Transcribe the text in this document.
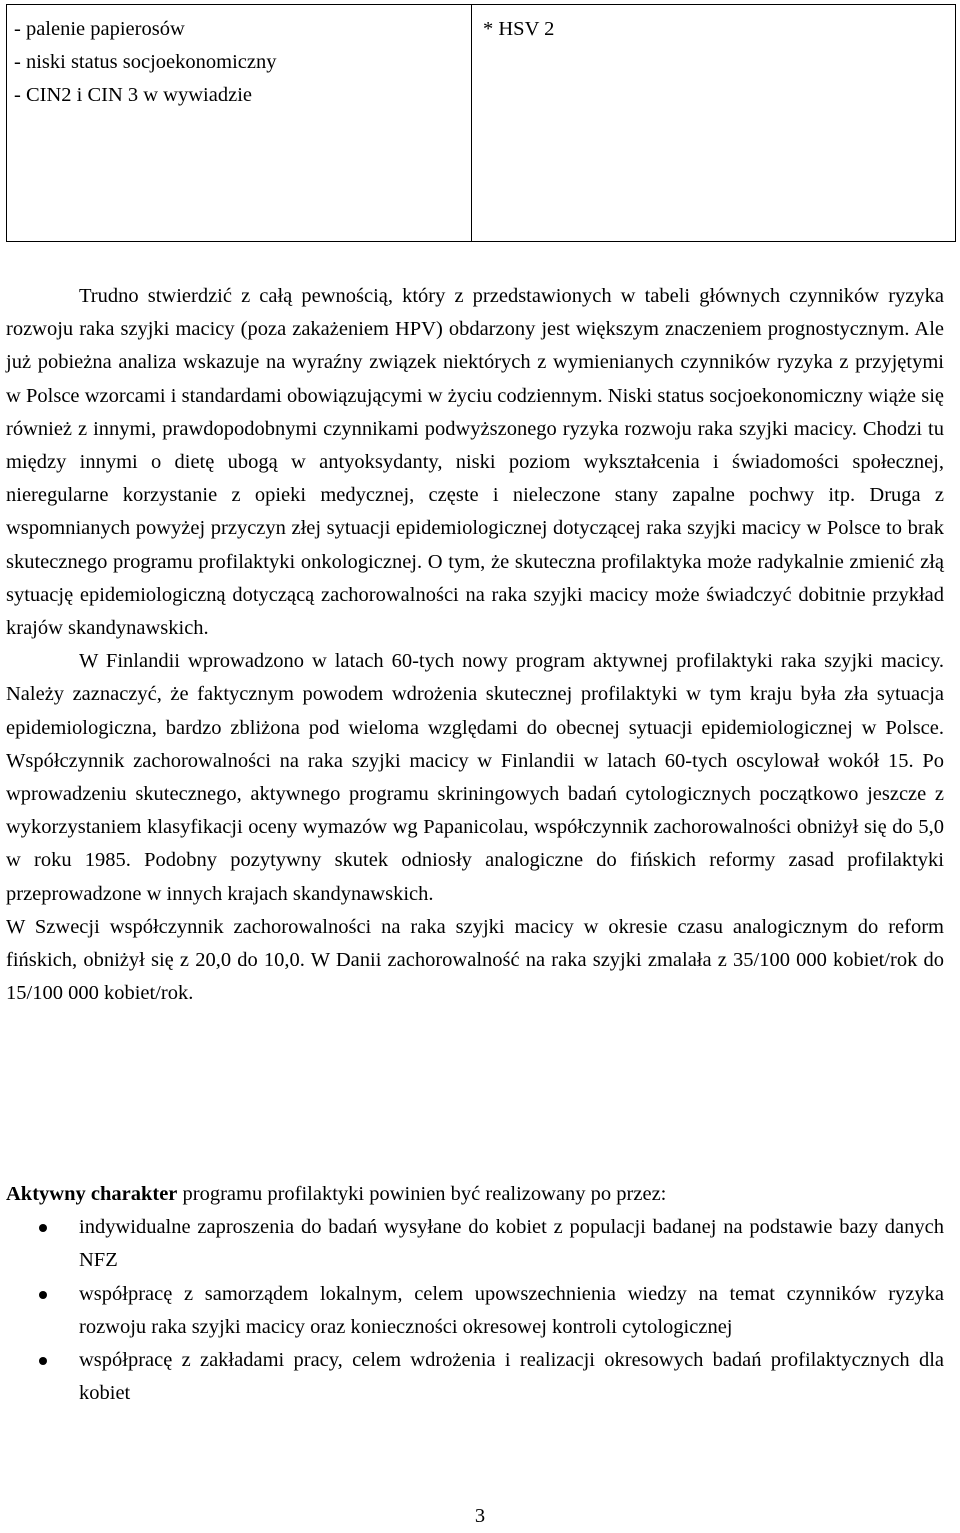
- palenie papierosów
- niski status socjoekonomiczny
- CIN2 i CIN 3 w wywiadzie
* HSV 2

Trudno stwierdzić z całą pewnością, który z przedstawionych w tabeli głównych czynników ryzyka rozwoju raka szyjki macicy (poza zakażeniem HPV) obdarzony jest większym znaczeniem prognostycznym. Ale już pobieżna analiza wskazuje na wyraźny związek niektórych z wymienianych czynników ryzyka z przyjętymi w Polsce wzorcami i standardami obowiązującymi w życiu codziennym. Niski status socjoekonomiczny wiąże się również z innymi, prawdopodobnymi czynnikami podwyższonego ryzyka rozwoju raka szyjki macicy. Chodzi tu między innymi o dietę ubogą w antyoksydanty, niski poziom wykształcenia i świadomości społecznej, nieregularne korzystanie z opieki medycznej, częste i nieleczone stany zapalne pochwy itp. Druga z wspomnianych powyżej przyczyn złej sytuacji epidemiologicznej dotyczącej raka szyjki macicy w Polsce to brak skutecznego programu profilaktyki onkologicznej. O tym, że skuteczna profilaktyka może radykalnie zmienić złą sytuację epidemiologiczną dotyczącą zachorowalności na raka szyjki macicy może świadczyć dobitnie przykład krajów skandynawskich.

W Finlandii wprowadzono w latach 60-tych nowy program aktywnej profilaktyki raka szyjki macicy. Należy zaznaczyć, że faktycznym powodem wdrożenia skutecznej profilaktyki w tym kraju była zła sytuacja epidemiologiczna, bardzo zbliżona pod wieloma względami do obecnej sytuacji epidemiologicznej w Polsce. Współczynnik zachorowalności na raka szyjki macicy w Finlandii w latach 60-tych oscylował wokół 15. Po wprowadzeniu skutecznego, aktywnego programu skriningowych badań cytologicznych początkowo jeszcze z wykorzystaniem klasyfikacji oceny wymazów wg Papanicolau, współczynnik zachorowalności obniżył się do 5,0 w roku 1985. Podobny pozytywny skutek odniosły analogiczne do fińskich reformy zasad profilaktyki przeprowadzone w innych krajach skandynawskich.

W Szwecji współczynnik zachorowalności na raka szyjki macicy w okresie czasu analogicznym do reform fińskich, obniżył się z 20,0 do 10,0. W Danii zachorowalność na raka szyjki zmalała z 35/100 000 kobiet/rok do 15/100 000 kobiet/rok.

Aktywny charakter programu profilaktyki powinien być realizowany po przez:

indywidualne zaproszenia do badań wysyłane do kobiet z populacji badanej na podstawie bazy danych NFZ
współpracę z samorządem lokalnym, celem upowszechnienia wiedzy na temat czynników ryzyka rozwoju raka szyjki macicy oraz konieczności okresowej kontroli cytologicznej
współpracę z zakładami pracy, celem wdrożenia i realizacji okresowych badań profilaktycznych dla kobiet
3
